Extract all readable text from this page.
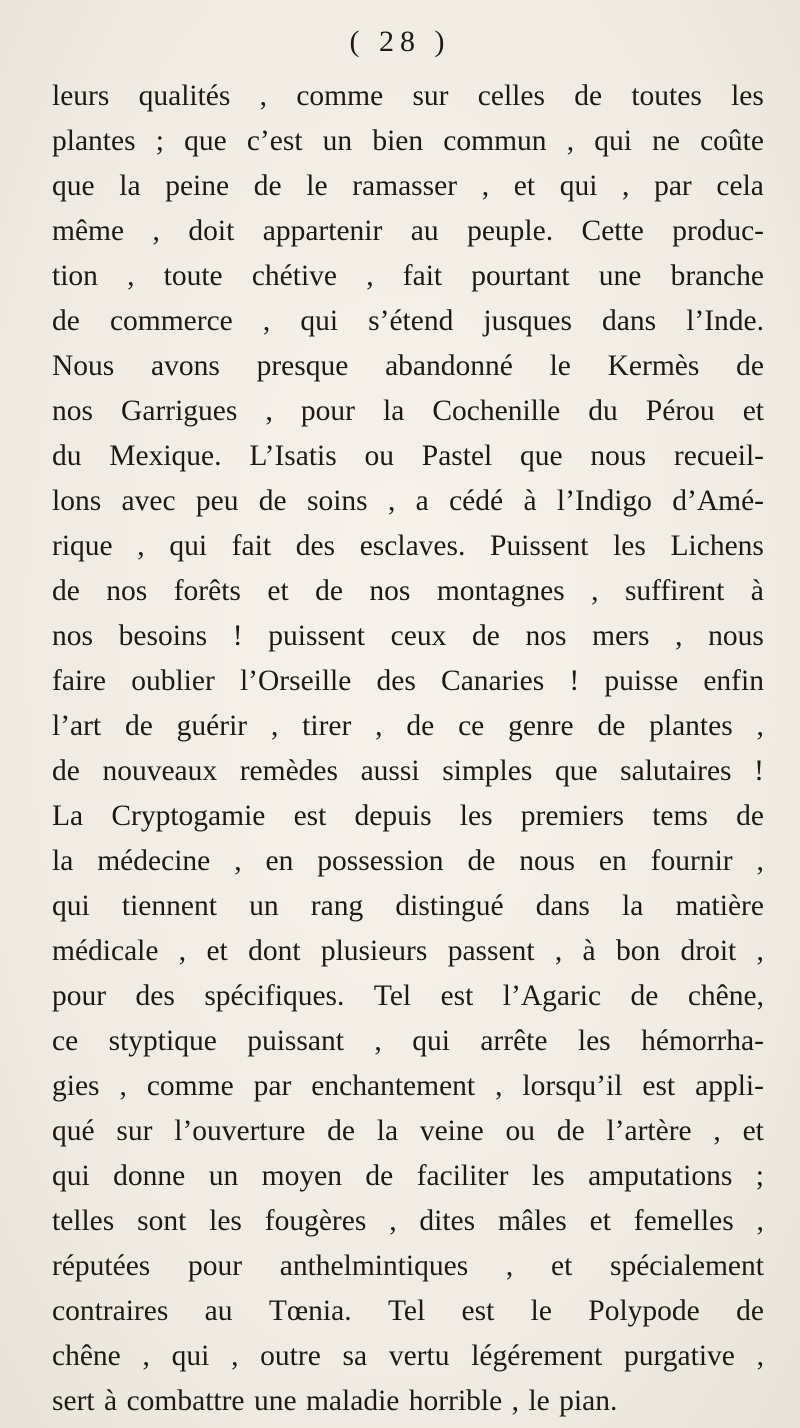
( 28 )
leurs qualités , comme sur celles de toutes les
plantes ; que c’est un bien commun , qui ne coûte
que la peine de le ramasser , et qui , par cela
même , doit appartenir au peuple. Cette produc-
tion , toute chétive , fait pourtant une branche
de commerce , qui s’étend jusques dans l’Inde.
Nous avons presque abandonné le Kermès de
nos Garrigues , pour la Cochenille du Pérou et
du Mexique. L’Isatis ou Pastel que nous recueil-
lons avec peu de soins , a cédé à l’Indigo d’Amé-
rique , qui fait des esclaves. Puissent les Lichens
de nos forêts et de nos montagnes , suffirent à
nos besoins ! puissent ceux de nos mers , nous
faire oublier l’Orseille des Canaries ! puisse enfin
l’art de guérir , tirer , de ce genre de plantes ,
de nouveaux remèdes aussi simples que salutaires !
La Cryptogamie est depuis les premiers tems de
la médecine , en possession de nous en fournir ,
qui tiennent un rang distingué dans la matière
médicale , et dont plusieurs passent , à bon droit ,
pour des spécifiques. Tel est l’Agaric de chêne,
ce styptique puissant , qui arrête les hémorrha-
gies , comme par enchantement , lorsqu’il est appli-
qué sur l’ouverture de la veine ou de l’artère , et
qui donne un moyen de faciliter les amputations ;
telles sont les fougères , dites mâles et femelles ,
réputées pour anthelmintiques , et spécialement
contraires au Tœnia. Tel est le Polypode de
chêne , qui , outre sa vertu légérement purgative ,
sert à combattre une maladie horrible , le pian.
